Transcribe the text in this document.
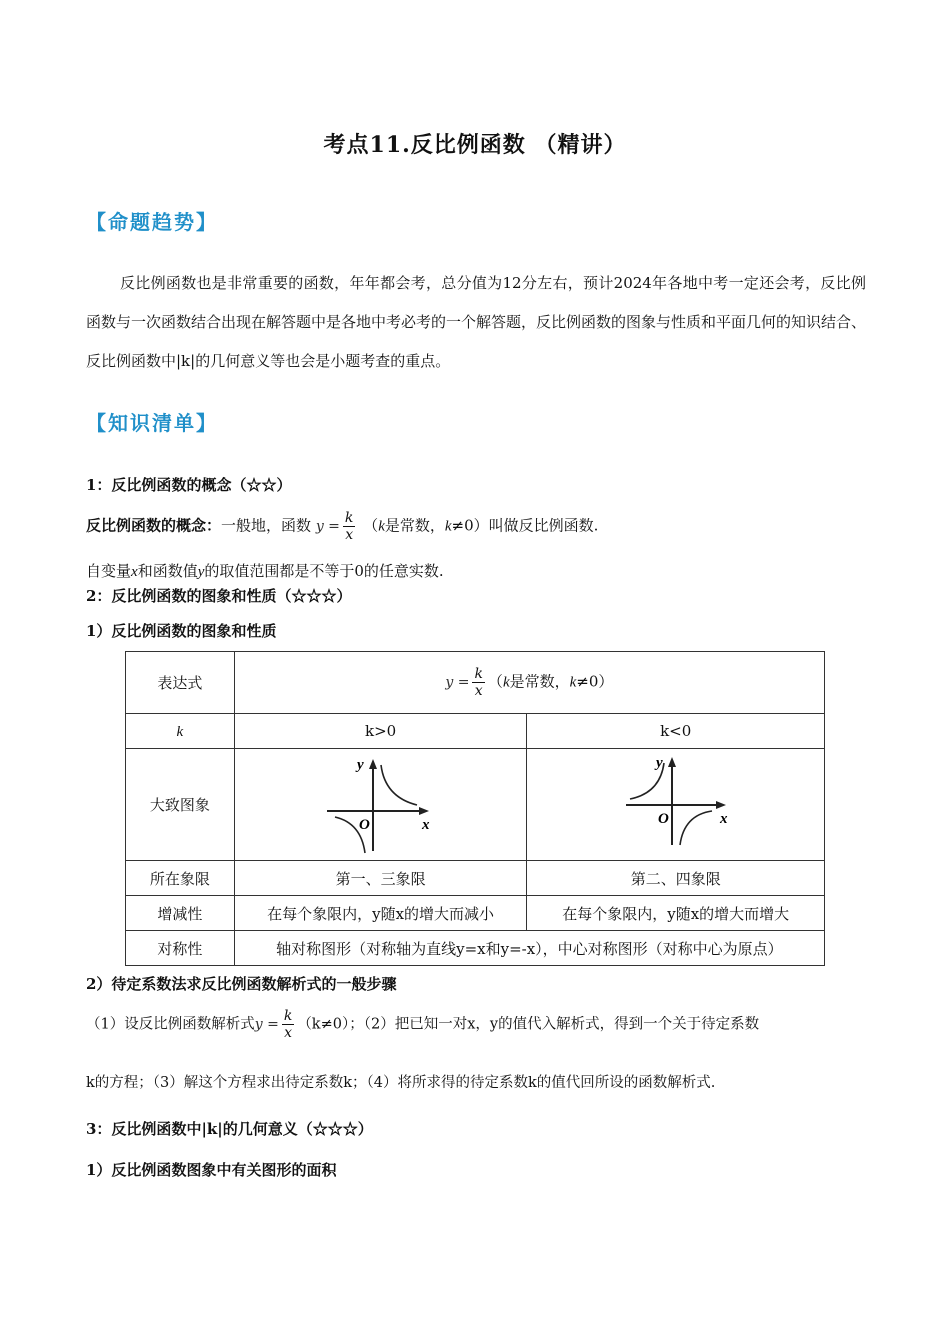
考点11.反比例函数 （精讲）
【命题趋势】
反比例函数也是非常重要的函数，年年都会考，总分值为12分左右，预计2024年各地中考一定还会考，反比例函数与一次函数结合出现在解答题中是各地中考必考的一个解答题，反比例函数的图象与性质和平面几何的知识结合、反比例函数中|k|的几何意义等也会是小题考查的重点。
【知识清单】
1：反比例函数的概念（☆☆）
反比例函数的概念：一般地，函数 $y = \frac{k}{x} (k$是常数，k≠0）叫做反比例函数.
自变量x和函数值y的取值范围都是不等于0的任意实数.
2：反比例函数的图象和性质（☆☆☆）
1）反比例函数的图象和性质
表达式	$y = \frac{k}{x} (k$是常数，k≠0）	
k	k>0	k<0
大致图象	y
x
O	y
x
O

所在象限	第一、三象限	第二、四象限
增减性	在每个象限内，y随x的增大而减小	在每个象限内，y随x的增大而增大
对称性	轴对称图形（对称轴为直线y=x和y=-x），中心对称图形（对称中心为原点）	
2）待定系数法求反比例函数解析式的一般步骤
（1）设反比例函数解析式$y = \frac{k}{x} (k\ne 0)$；（2）把已知一对x，y的值代入解析式，得到一个关于待定系数
k的方程；（3）解这个方程求出待定系数k；（4）将所求得的待定系数k的值代回所设的函数解析式.
3：反比例函数中|k|的几何意义（☆☆☆）
1）反比例函数图象中有关图形的面积
